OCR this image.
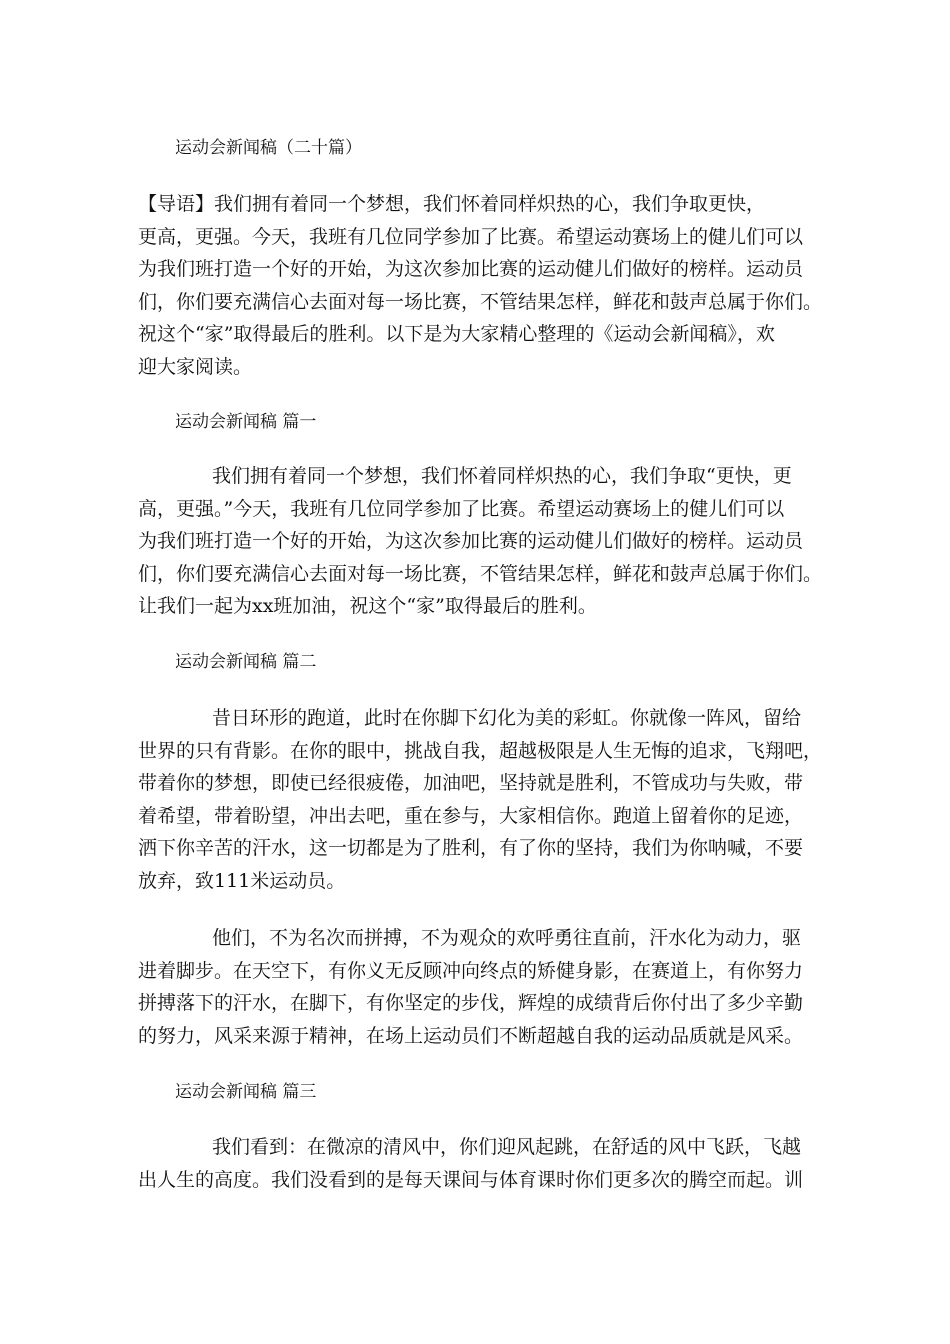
运动会新闻稿（二十篇）

【导语】我们拥有着同一个梦想，我们怀着同样炽热的心，我们争取更快，
更高，更强。今天，我班有几位同学参加了比赛。希望运动赛场上的健儿们可以
为我们班打造一个好的开始，为这次参加比赛的运动健儿们做好的榜样。运动员
们，你们要充满信心去面对每一场比赛，不管结果怎样，鲜花和鼓声总属于你们。
祝这个“家”取得最后的胜利。以下是为大家精心整理的《运动会新闻稿》，欢
迎大家阅读。

运动会新闻稿 篇一

我们拥有着同一个梦想，我们怀着同样炽热的心，我们争取“更快，更
高，更强。”今天，我班有几位同学参加了比赛。希望运动赛场上的健儿们可以
为我们班打造一个好的开始，为这次参加比赛的运动健儿们做好的榜样。运动员
们，你们要充满信心去面对每一场比赛，不管结果怎样，鲜花和鼓声总属于你们。
让我们一起为xx班加油，祝这个“家”取得最后的胜利。

运动会新闻稿 篇二

昔日环形的跑道，此时在你脚下幻化为美的彩虹。你就像一阵风，留给
世界的只有背影。在你的眼中，挑战自我，超越极限是人生无悔的追求，飞翔吧，
带着你的梦想，即使已经很疲倦，加油吧，坚持就是胜利，不管成功与失败，带
着希望，带着盼望，冲出去吧，重在参与，大家相信你。跑道上留着你的足迹，
洒下你辛苦的汗水，这一切都是为了胜利，有了你的坚持，我们为你呐喊，不要
放弃，致111米运动员。

他们，不为名次而拼搏，不为观众的欢呼勇往直前，汗水化为动力，驱
进着脚步。在天空下，有你义无反顾冲向终点的矫健身影，在赛道上，有你努力
拼搏落下的汗水，在脚下，有你坚定的步伐，辉煌的成绩背后你付出了多少辛勤
的努力，风采来源于精神，在场上运动员们不断超越自我的运动品质就是风采。

运动会新闻稿 篇三

我们看到：在微凉的清风中，你们迎风起跳，在舒适的风中飞跃，飞越
出人生的高度。我们没看到的是每天课间与体育课时你们更多次的腾空而起。训
